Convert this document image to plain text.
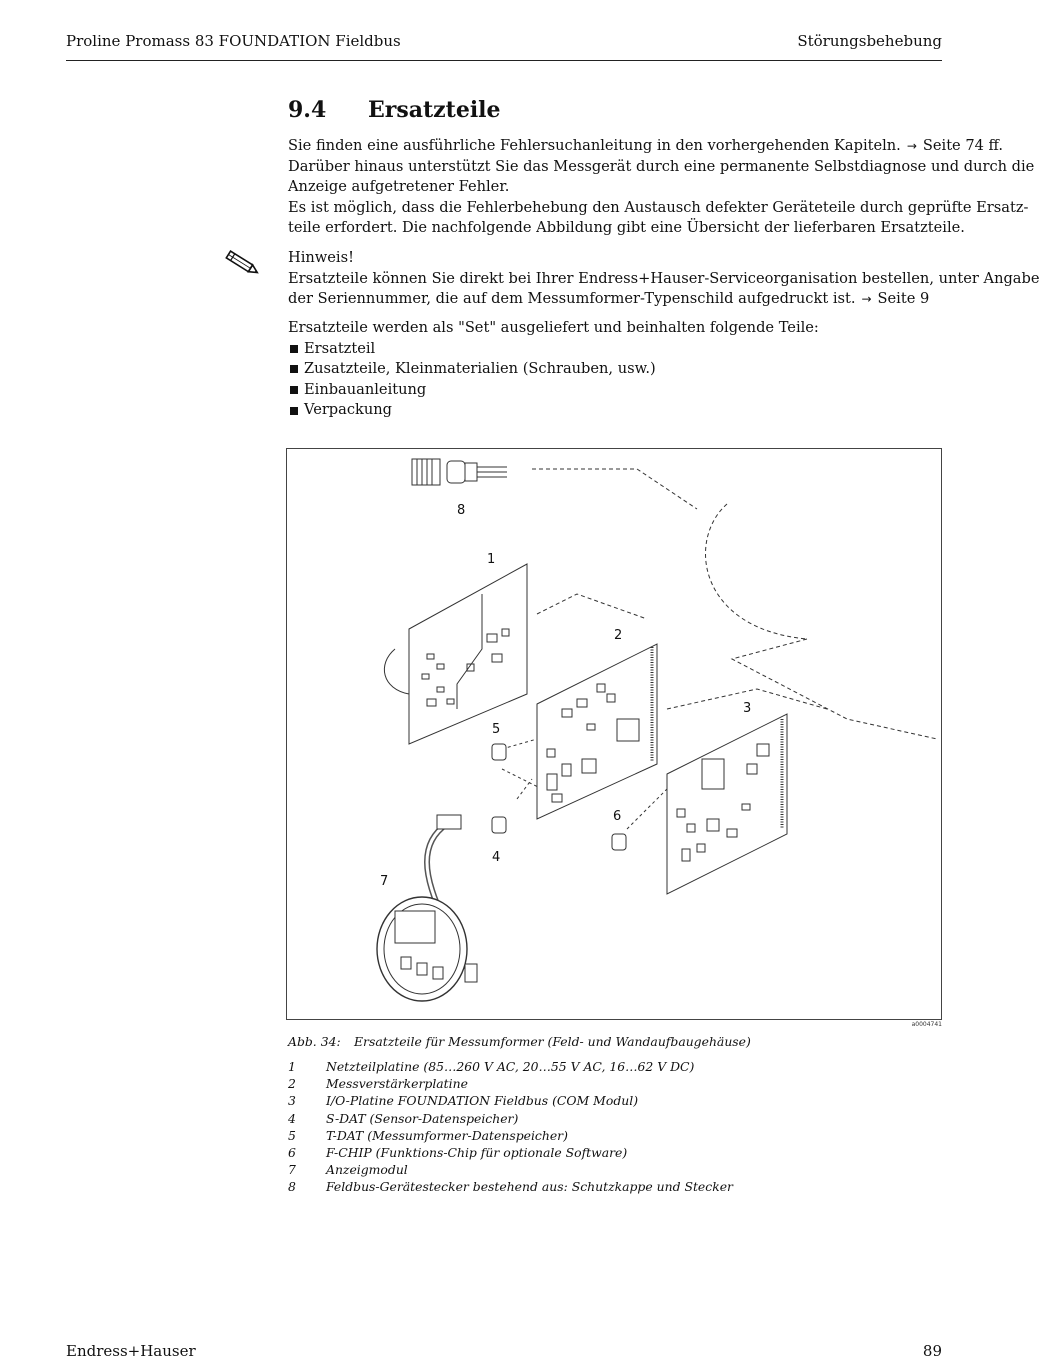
Proline Promass 83 FOUNDATION Fieldbus	Störungsbehebung
9.4 Ersatzteile
Sie finden eine ausführliche Fehlersuchanleitung in den vorhergehenden Kapiteln. → Seite 74 ff.
Darüber hinaus unterstützt Sie das Messgerät durch eine permanente Selbstdiagnose und durch die
Anzeige aufgetretener Fehler.
Es ist möglich, dass die Fehlerbehebung den Austausch defekter Geräteteile durch geprüfte Ersatz-
teile erfordert. Die nachfolgende Abbildung gibt eine Übersicht der lieferbaren Ersatzteile.
Hinweis!
Ersatzteile können Sie direkt bei Ihrer Endress+Hauser-Serviceorganisation bestellen, unter Angabe
der Seriennummer, die auf dem Messumformer-Typenschild aufgedruckt ist. → Seite 9
Ersatzteile werden als "Set" ausgeliefert und beinhalten folgende Teile:
Ersatzteil
Zusatzteile, Kleinmaterialien (Schrauben, usw.)
Einbauanleitung
Verpackung
8
1
2
3
4
5
6
7
a0004741
Abb. 34: Ersatzteile für Messumformer (Feld- und Wandaufbaugehäuse)
1	Netzteilplatine (85…260 V AC, 20…55 V AC, 16…62 V DC)
2	Messverstärkerplatine
3	I/O-Platine FOUNDATION Fieldbus (COM Modul)
4	S-DAT (Sensor-Datenspeicher)
5	T-DAT (Messumformer-Datenspeicher)
6	F-CHIP (Funktions-Chip für optionale Software)
7	Anzeigmodul
8	Feldbus-Gerätestecker bestehend aus: Schutzkappe und Stecker
Endress+Hauser	89
